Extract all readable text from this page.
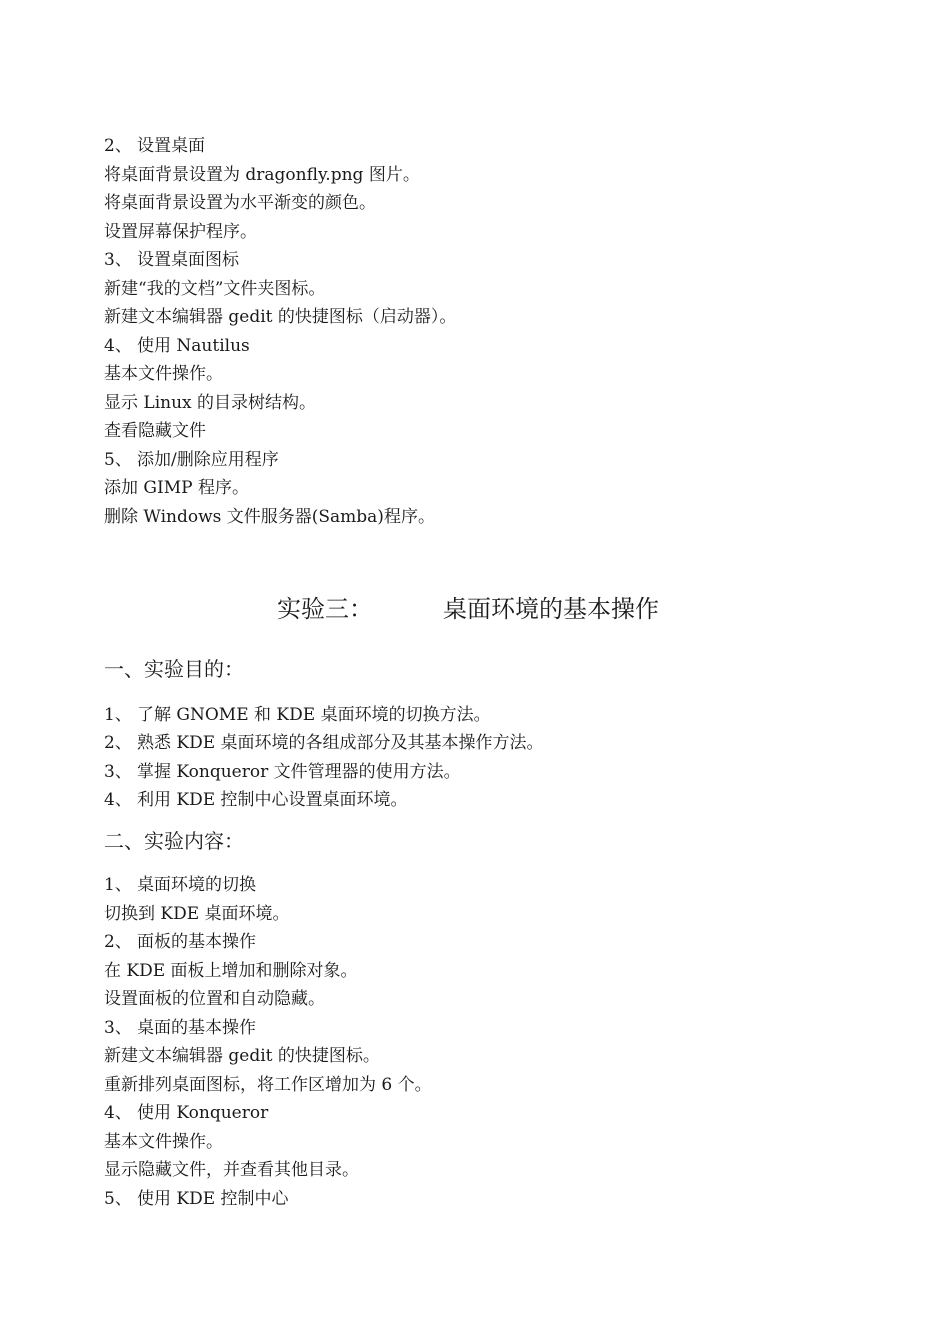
2、 设置桌面
将桌面背景设置为 dragonfly.png 图片。
将桌面背景设置为水平渐变的颜色。
设置屏幕保护程序。
3、 设置桌面图标
新建“我的文档”文件夹图标。
新建文本编辑器 gedit 的快捷图标（启动器）。
4、 使用 Nautilus
基本文件操作。
显示 Linux 的目录树结构。
查看隐藏文件
5、 添加/删除应用程序
添加 GIMP 程序。
删除 Windows 文件服务器(Samba)程序。
实验三：	桌面环境的基本操作
一、实验目的：
1、 了解 GNOME 和 KDE 桌面环境的切换方法。
2、 熟悉 KDE 桌面环境的各组成部分及其基本操作方法。
3、 掌握 Konqueror 文件管理器的使用方法。
4、 利用 KDE 控制中心设置桌面环境。
二、实验内容：
1、 桌面环境的切换
切换到 KDE 桌面环境。
2、 面板的基本操作
在 KDE 面板上增加和删除对象。
设置面板的位置和自动隐藏。
3、 桌面的基本操作
新建文本编辑器 gedit 的快捷图标。
重新排列桌面图标，将工作区增加为 6 个。
4、 使用 Konqueror
基本文件操作。
显示隐藏文件，并查看其他目录。
5、 使用 KDE 控制中心
